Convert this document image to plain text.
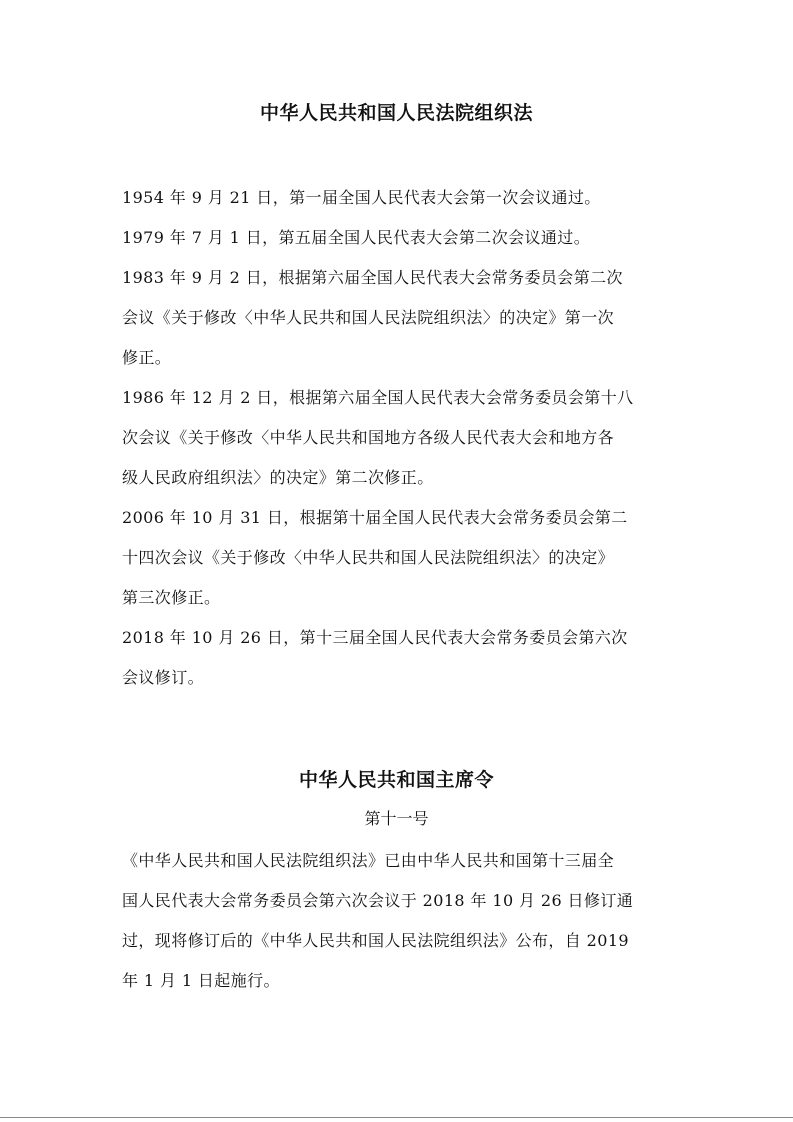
中华人民共和国人民法院组织法

1954 年 9 月 21 日，第一届全国人民代表大会第一次会议通过。

1979 年 7 月 1 日，第五届全国人民代表大会第二次会议通过。

1983 年 9 月 2 日，根据第六届全国人民代表大会常务委员会第二次
会议《关于修改〈中华人民共和国人民法院组织法〉的决定》第一次
修正。

1986 年 12 月 2 日，根据第六届全国人民代表大会常务委员会第十八
次会议《关于修改〈中华人民共和国地方各级人民代表大会和地方各
级人民政府组织法〉的决定》第二次修正。

2006 年 10 月 31 日，根据第十届全国人民代表大会常务委员会第二
十四次会议《关于修改〈中华人民共和国人民法院组织法〉的决定》
第三次修正。

2018 年 10 月 26 日，第十三届全国人民代表大会常务委员会第六次
会议修订。

中华人民共和国主席令
第十一号

《中华人民共和国人民法院组织法》已由中华人民共和国第十三届全
国人民代表大会常务委员会第六次会议于 2018 年 10 月 26 日修订通
过，现将修订后的《中华人民共和国人民法院组织法》公布，自 2019
年 1 月 1 日起施行。
